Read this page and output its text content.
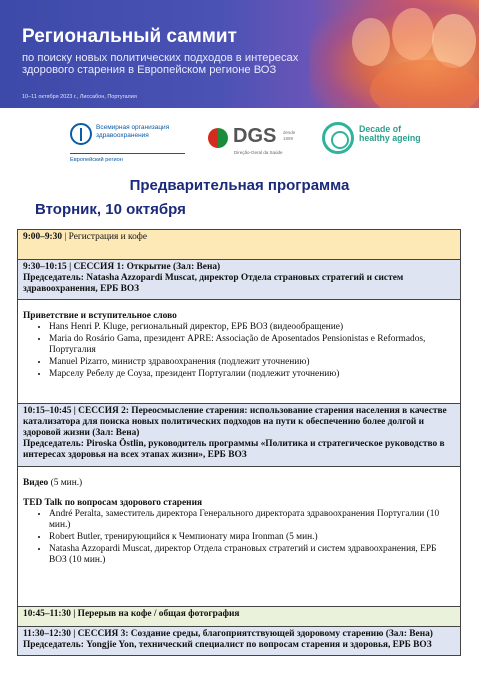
Региональный саммит
по поиску новых политических подходов в интересах здорового старения в Европейском регионе ВОЗ
10–11 октября 2023 г., Лиссабон, Португалия
Всемирная организация здравоохранения
Европейский регион
DGS desde 1899
Direção-Geral da Saúde
Decade of healthy ageing
Предварительная программа
Вторник, 10 октября
9:00–9:30 | Регистрация и кофе
9:30–10:15 | СЕССИЯ 1: Открытие (Зал: Вена)
Председатель: Natasha Azzopardi Muscat, директор Отдела страновых стратегий и систем здравоохранения, ЕРБ ВОЗ
Приветствие и вступительное слово
• Hans Henri P. Kluge, региональный директор, ЕРБ ВОЗ (видеообращение)
• Maria do Rosário Gama, президент APRE: Associação de Aposentados Pensionistas e Reformados, Португалия
• Manuel Pizarro, министр здравоохранения (подлежит уточнению)
• Марселу Ребелу де Соуза, президент Португалии (подлежит уточнению)
10:15–10:45 | СЕССИЯ 2: Переосмысление старения: использование старения населения в качестве катализатора для поиска новых политических подходов на пути к обеспечению более долгой и здоровой жизни (Зал: Вена)
Председатель: Piroska Östlin, руководитель программы «Политика и стратегическое руководство в интересах здоровья на всех этапах жизни», ЕРБ ВОЗ
Видео (5 мин.)
TED Talk по вопросам здорового старения
• André Peralta, заместитель директора Генерального директората здравоохранения Португалии (10 мин.)
• Robert Butler, тренирующийся к Чемпионату мира Ironman (5 мин.)
• Natasha Azzopardi Muscat, директор Отдела страновых стратегий и систем здравоохранения, ЕРБ ВОЗ (10 мин.)
10:45–11:30 | Перерыв на кофе / общая фотография
11:30–12:30 | СЕССИЯ 3: Создание среды, благоприятствующей здоровому старению (Зал: Вена)
Председатель: Yongjie Yon, технический специалист по вопросам старения и здоровья, ЕРБ ВОЗ
